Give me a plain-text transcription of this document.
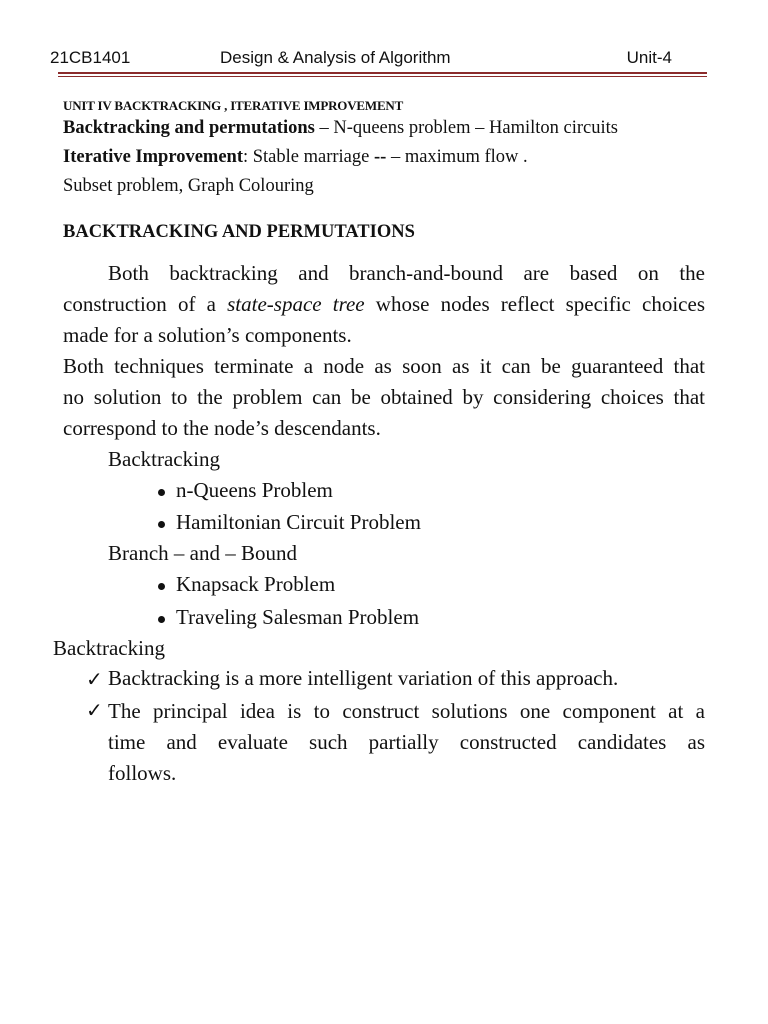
21CB1401	Design & Analysis of Algorithm	Unit-4
UNIT IV BACKTRACKING , ITERATIVE IMPROVEMENT
Backtracking and permutations – N-queens problem – Hamilton circuits
Iterative Improvement: Stable marriage -- – maximum flow .
Subset problem, Graph Colouring
BACKTRACKING AND PERMUTATIONS
Both backtracking and branch-and-bound are based on the
construction of a state-space tree whose nodes reflect specific choices
made for a solution’s components.
Both techniques terminate a node as soon as it can be guaranteed that
no solution to the problem can be obtained by considering choices that
correspond to the node’s descendants.
Backtracking
n-Queens Problem
Hamiltonian Circuit Problem
Branch – and – Bound
Knapsack Problem
Traveling Salesman Problem
Backtracking
✓ Backtracking is a more intelligent variation of this approach.
✓ The principal idea is to construct solutions one component at a
time and evaluate such partially constructed candidates as
follows.
